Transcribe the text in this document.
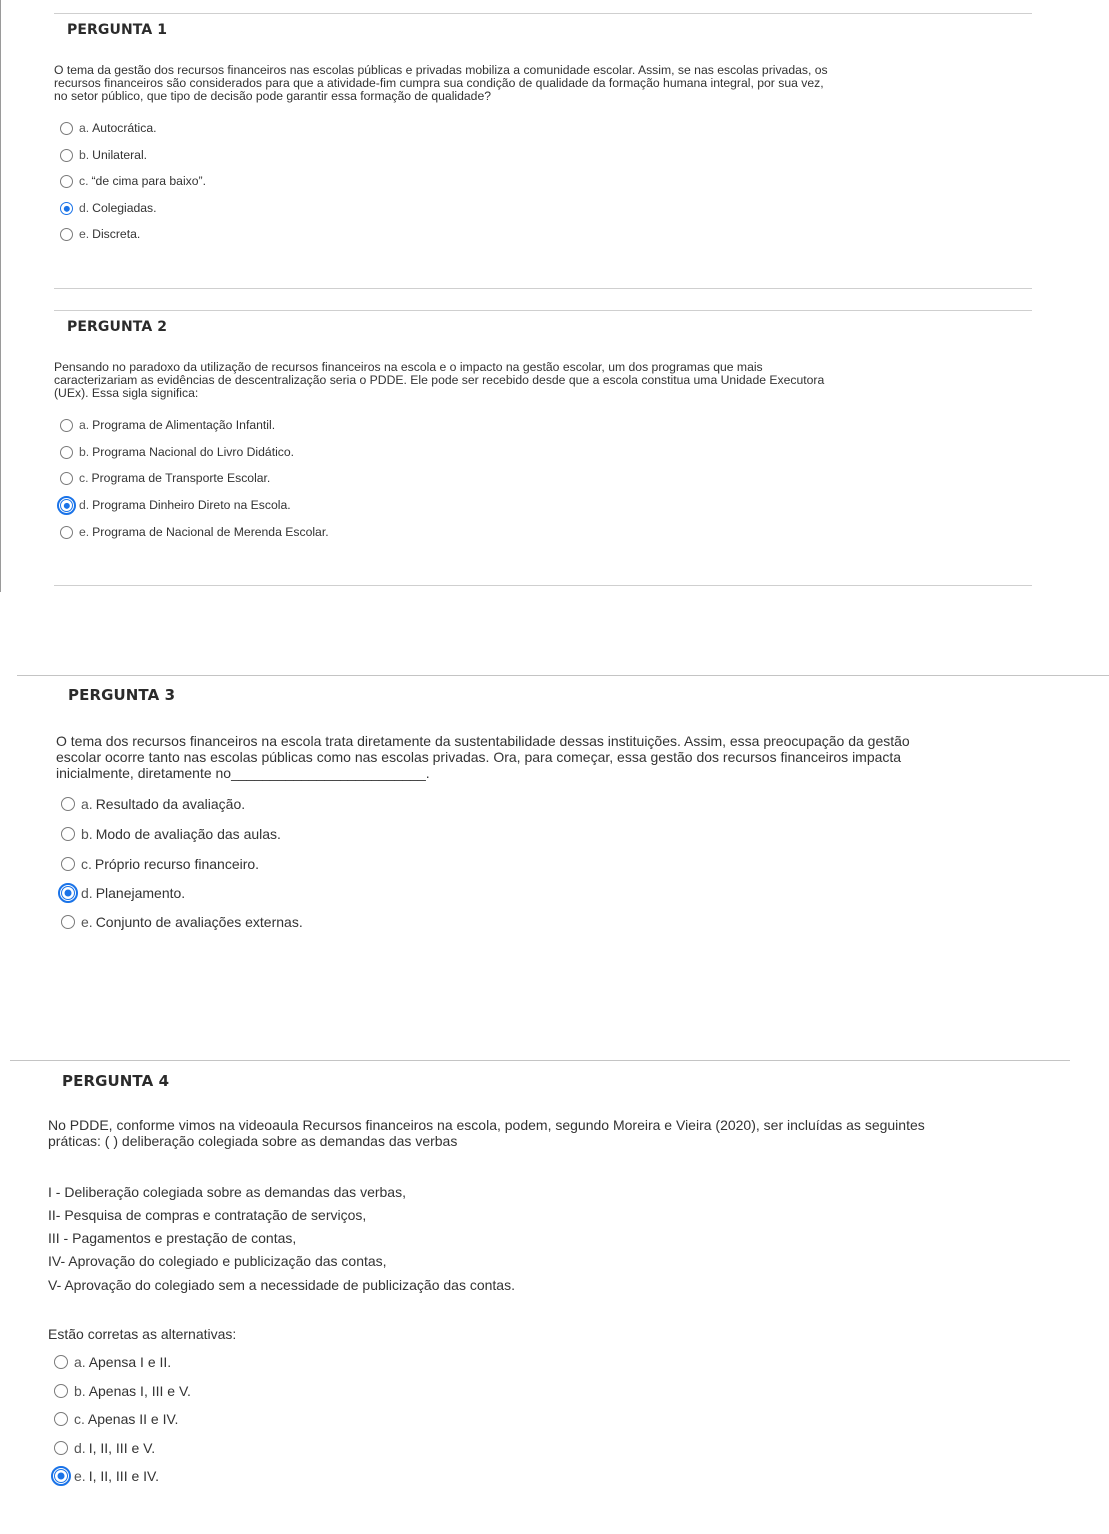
PERGUNTA 1

O tema da gestão dos recursos financeiros nas escolas públicas e privadas mobiliza a comunidade escolar. Assim, se nas escolas privadas, os
recursos financeiros são considerados para que a atividade-fim cumpra sua condição de qualidade da formação humana integral, por sua vez,
no setor público, que tipo de decisão pode garantir essa formação de qualidade?

a. Autocrática.
b. Unilateral.
c. “de cima para baixo”.
d. Colegiadas.
e. Discreta.
PERGUNTA 2

Pensando no paradoxo da utilização de recursos financeiros na escola e o impacto na gestão escolar, um dos programas que mais
caracterizariam as evidências de descentralização seria o PDDE. Ele pode ser recebido desde que a escola constitua uma Unidade Executora
(UEx). Essa sigla significa:

a. Programa de Alimentação Infantil.
b. Programa Nacional do Livro Didático.
c. Programa de Transporte Escolar.
d. Programa Dinheiro Direto na Escola.
e. Programa de Nacional de Merenda Escolar.
PERGUNTA 3

O tema dos recursos financeiros na escola trata diretamente da sustentabilidade dessas instituições. Assim, essa preocupação da gestão
escolar ocorre tanto nas escolas públicas como nas escolas privadas. Ora, para começar, essa gestão dos recursos financeiros impacta
inicialmente, diretamente no_________________________.

a. Resultado da avaliação.
b. Modo de avaliação das aulas.
c. Próprio recurso financeiro.
d. Planejamento.
e. Conjunto de avaliações externas.
PERGUNTA 4

No PDDE, conforme vimos na videoaula Recursos financeiros na escola, podem, segundo Moreira e Vieira (2020), ser incluídas as seguintes
práticas: ( ) deliberação colegiada sobre as demandas das verbas

I - Deliberação colegiada sobre as demandas das verbas,
II- Pesquisa de compras e contratação de serviços,
III - Pagamentos e prestação de contas,
IV- Aprovação do colegiado e publicização das contas,
V- Aprovação do colegiado sem a necessidade de publicização das contas.
Estão corretas as alternativas:
a. Apensa I e II.
b. Apenas I, III e V.
c. Apenas II e IV.
d. I, II, III e V.
e. I, II, III e IV.
